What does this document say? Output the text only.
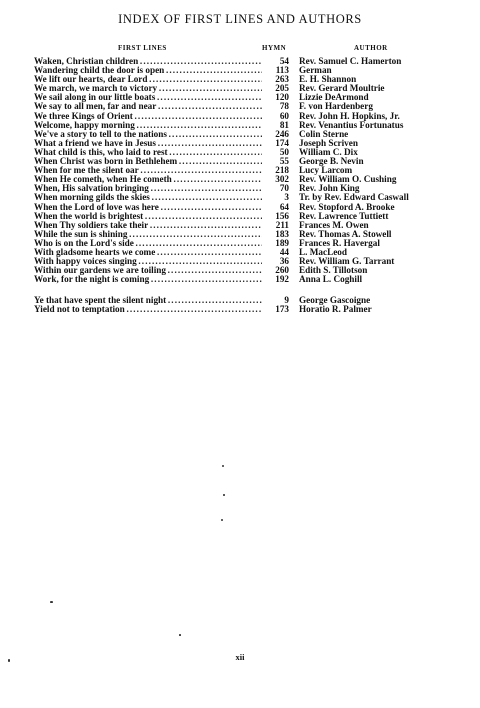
INDEX OF FIRST LINES AND AUTHORS
FIRST LINES	HYMN	AUTHOR
Waken, Christian children . . .	54 Rev. Samuel C. Hamerton
Wandering child the door is open . . .	113 German
We lift our hearts, dear Lord . . .	263 E. H. Shannon
We march, we march to victory . . .	205 Rev. Gerard Moultrie
We sail along in our little boats . . .	120 Lizzie DeArmond
We say to all men, far and near . . .	78 F. von Hardenberg
We three Kings of Orient . . .	60 Rev. John H. Hopkins, Jr.
Welcome, happy morning . . .	81 Rev. Venantius Fortunatus
We've a story to tell to the nations . . .	246 Colin Sterne
What a friend we have in Jesus . . .	174 Joseph Scriven
What child is this, who laid to rest . . .	50 William C. Dix
When Christ was born in Bethlehem . . .	55 George B. Nevin
When for me the silent oar . . .	218 Lucy Larcom
When He cometh, when He cometh . . .	302 Rev. William O. Cushing
When, His salvation bringing . . .	70 Rev. John King
When morning gilds the skies . . .	3 Tr. by Rev. Edward Caswall
When the Lord of love was here . . .	64 Rev. Stopford A. Brooke
When the world is brightest . . .	156 Rev. Lawrence Tuttiett
When Thy soldiers take their . . .	211 Frances M. Owen
While the sun is shining . . .	183 Rev. Thomas A. Stowell
Who is on the Lord's side . . .	189 Frances R. Havergal
With gladsome hearts we come . . .	44 L. MacLeod
With happy voices singing . . .	36 Rev. William G. Tarrant
Within our gardens we are toiling . . .	260 Edith S. Tillotson
Work, for the night is coming . . .	192 Anna L. Coghill
Ye that have spent the silent night . . .	9 George Gascoigne
Yield not to temptation . . .	173 Horatio R. Palmer
xii
